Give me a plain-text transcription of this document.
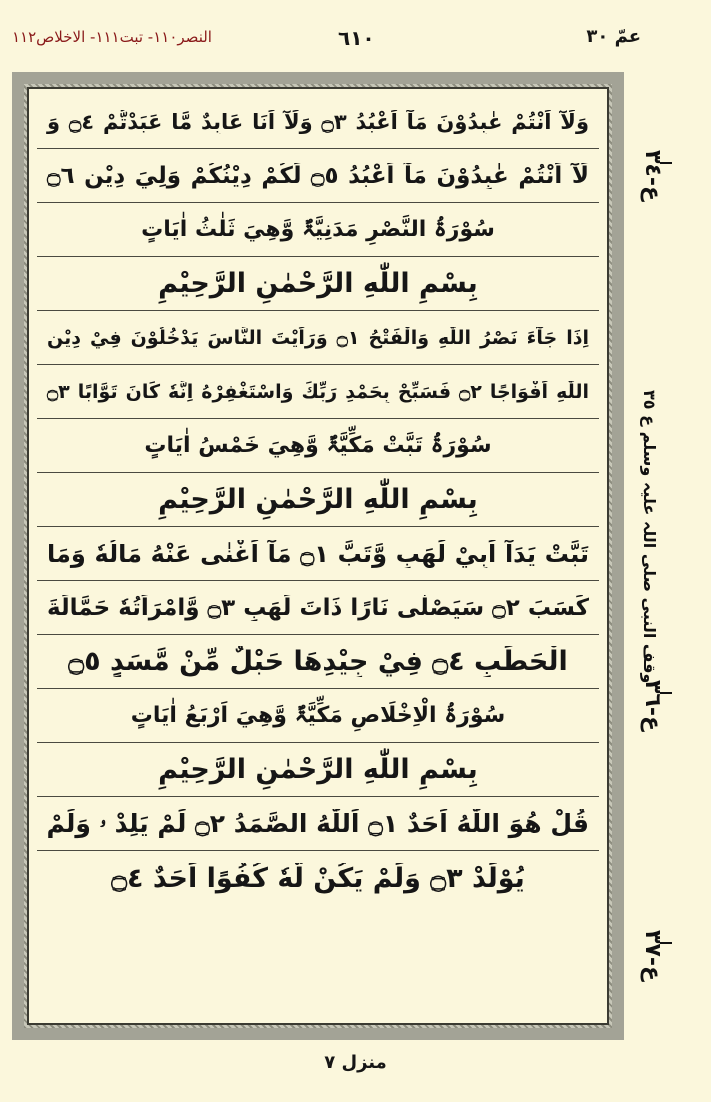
النصر١١٠- تبت١١١- الاخلاص١١٢	٦١٠	عمّ ٣٠
وَلَآ اَنْتُمْ عٰبِدُوْنَ مَآ اَعْبُدُ ۝٣ وَلَآ اَنَا عَابِدٌ مَّا عَبَدْتُّمْ ۝٤ وَ
لَآ اَنْتُمْ عٰبِدُوْنَ مَآ اَعْبُدُ ۝٥ لَكُمْ دِيْنُكُمْ وَلِيَ دِيْنِ ۝٦
سُوْرَۃُ النَّصْرِ مَدَنِيَّۃٌ وَّهِيَ ثَلٰثُ اٰيَاتٍ
بِسْمِ اللّٰهِ الرَّحْمٰنِ الرَّحِيْمِ
اِذَا جَآءَ نَصْرُ اللّٰهِ وَالْفَتْحُ ۝١ وَرَاَيْتَ النَّاسَ يَدْخُلُوْنَ فِيْ دِيْنِ
اللّٰهِ اَفْوَاجًا ۝٢ فَسَبِّحْ بِحَمْدِ رَبِّكَ وَاسْتَغْفِرْهُ اِنَّهٗ كَانَ تَوَّابًا ۝٣
سُوْرَۃُ تَبَّتْ مَكِّيَّۃٌ وَّهِيَ خَمْسُ اٰيَاتٍ
بِسْمِ اللّٰهِ الرَّحْمٰنِ الرَّحِيْمِ
تَبَّتْ يَدَآ اَبِيْ لَهَبٍ وَّتَبَّ ۝١ مَآ اَغْنٰى عَنْهُ مَالُهٗ وَمَا
كَسَبَ ۝٢ سَيَصْلٰى نَارًا ذَاتَ لَهَبٍ ۝٣ وَّامْرَاَتُهٗ حَمَّالَةَ
الْحَطَبِ ۝٤ فِيْ جِيْدِهَا حَبْلٌ مِّنْ مَّسَدٍ ۝٥
سُوْرَۃُ الْاِخْلَاصِ مَكِّيَّۃٌ وَّهِيَ اَرْبَعُ اٰيَاتٍ
بِسْمِ اللّٰهِ الرَّحْمٰنِ الرَّحِيْمِ
قُلْ هُوَ اللّٰهُ اَحَدٌ ۝١ اَللّٰهُ الصَّمَدُ ۝٢ لَمْ يَلِدْ ۥ وَلَمْ
يُوْلَدْ ۝٣ وَلَمْ يَكُنْ لَّهٗ كُفُوًا اَحَدٌ ۝٤
ع-٣٤
وقف النبی صلی اللہ علیہ وسلم ع ٣٥
ع-٣٦
ع-٣٧
منزل ٧
